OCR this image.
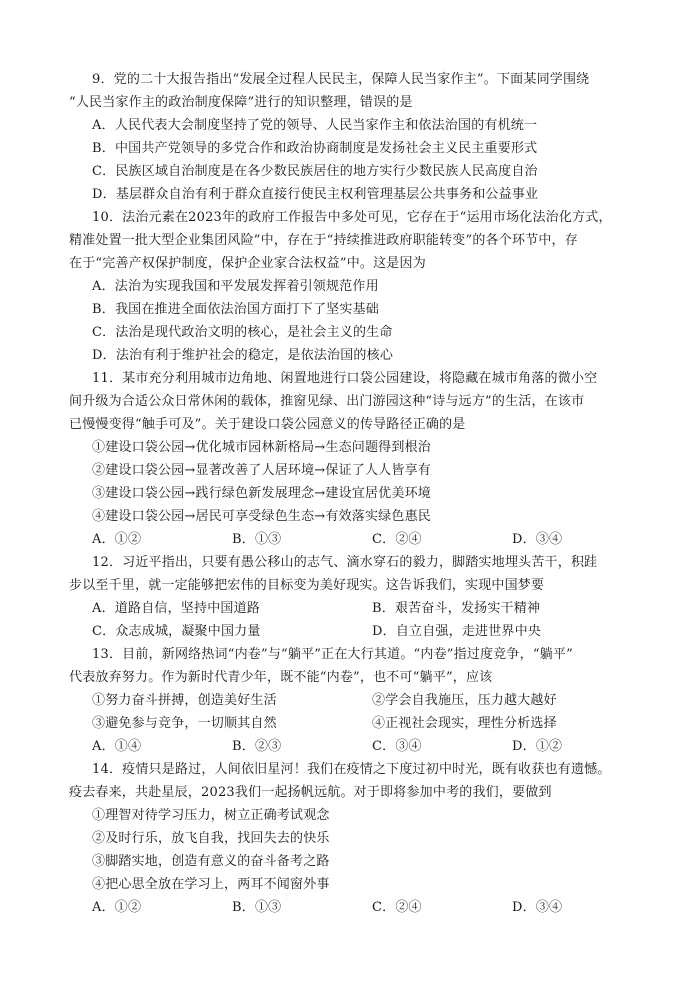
9．党的二十大报告指出“发展全过程人民民主，保障人民当家作主”。下面某同学围绕
“人民当家作主的政治制度保障”进行的知识整理，错误的是
A．人民代表大会制度坚持了党的领导、人民当家作主和依法治国的有机统一
B．中国共产党领导的多党合作和政治协商制度是发扬社会主义民主重要形式
C．民族区域自治制度是在各少数民族居住的地方实行少数民族人民高度自治
D．基层群众自治有利于群众直接行使民主权利管理基层公共事务和公益事业
10．法治元素在2023年的政府工作报告中多处可见，它存在于“运用市场化法治化方式，
精准处置一批大型企业集团风险”中，存在于“持续推进政府职能转变”的各个环节中，存
在于“完善产权保护制度，保护企业家合法权益”中。这是因为
A．法治为实现我国和平发展发挥着引领规范作用
B．我国在推进全面依法治国方面打下了坚实基础
C．法治是现代政治文明的核心，是社会主义的生命
D．法治有利于维护社会的稳定，是依法治国的核心
11．某市充分利用城市边角地、闲置地进行口袋公园建设，将隐藏在城市角落的微小空
间升级为合适公众日常休闲的载体，推窗见绿、出门游园这种“诗与远方”的生活，在该市
已慢慢变得“触手可及”。关于建设口袋公园意义的传导路径正确的是
①建设口袋公园→优化城市园林新格局→生态问题得到根治
②建设口袋公园→显著改善了人居环境→保证了人人皆享有
③建设口袋公园→践行绿色新发展理念→建设宜居优美环境
④建设口袋公园→居民可享受绿色生态→有效落实绿色惠民
A．①②	B．①③	C．②④	D．③④
12．习近平指出，只要有愚公移山的志气、滴水穿石的毅力，脚踏实地埋头苦干，积跬
步以至千里，就一定能够把宏伟的目标变为美好现实。这告诉我们，实现中国梦要
A．道路自信，坚持中国道路	B．艰苦奋斗，发扬实干精神
C．众志成城，凝聚中国力量	D．自立自强，走进世界中央
13．目前，新网络热词“内卷”与“躺平”正在大行其道。“内卷”指过度竞争，“躺平”
代表放弃努力。作为新时代青少年，既不能“内卷”，也不可“躺平”，应该
①努力奋斗拼搏，创造美好生活	②学会自我施压，压力越大越好
③避免参与竞争，一切顺其自然	④正视社会现实，理性分析选择
A．①④	B．②③	C．③④	D．①②
14．疫情只是路过，人间依旧星河！我们在疫情之下度过初中时光，既有收获也有遗憾。
疫去春来，共赴星辰，2023我们一起扬帆远航。对于即将参加中考的我们，要做到
①理智对待学习压力，树立正确考试观念
②及时行乐，放飞自我，找回失去的快乐
③脚踏实地，创造有意义的奋斗备考之路
④把心思全放在学习上，两耳不闻窗外事
A．①②	B．①③	C．②④	D．③④
